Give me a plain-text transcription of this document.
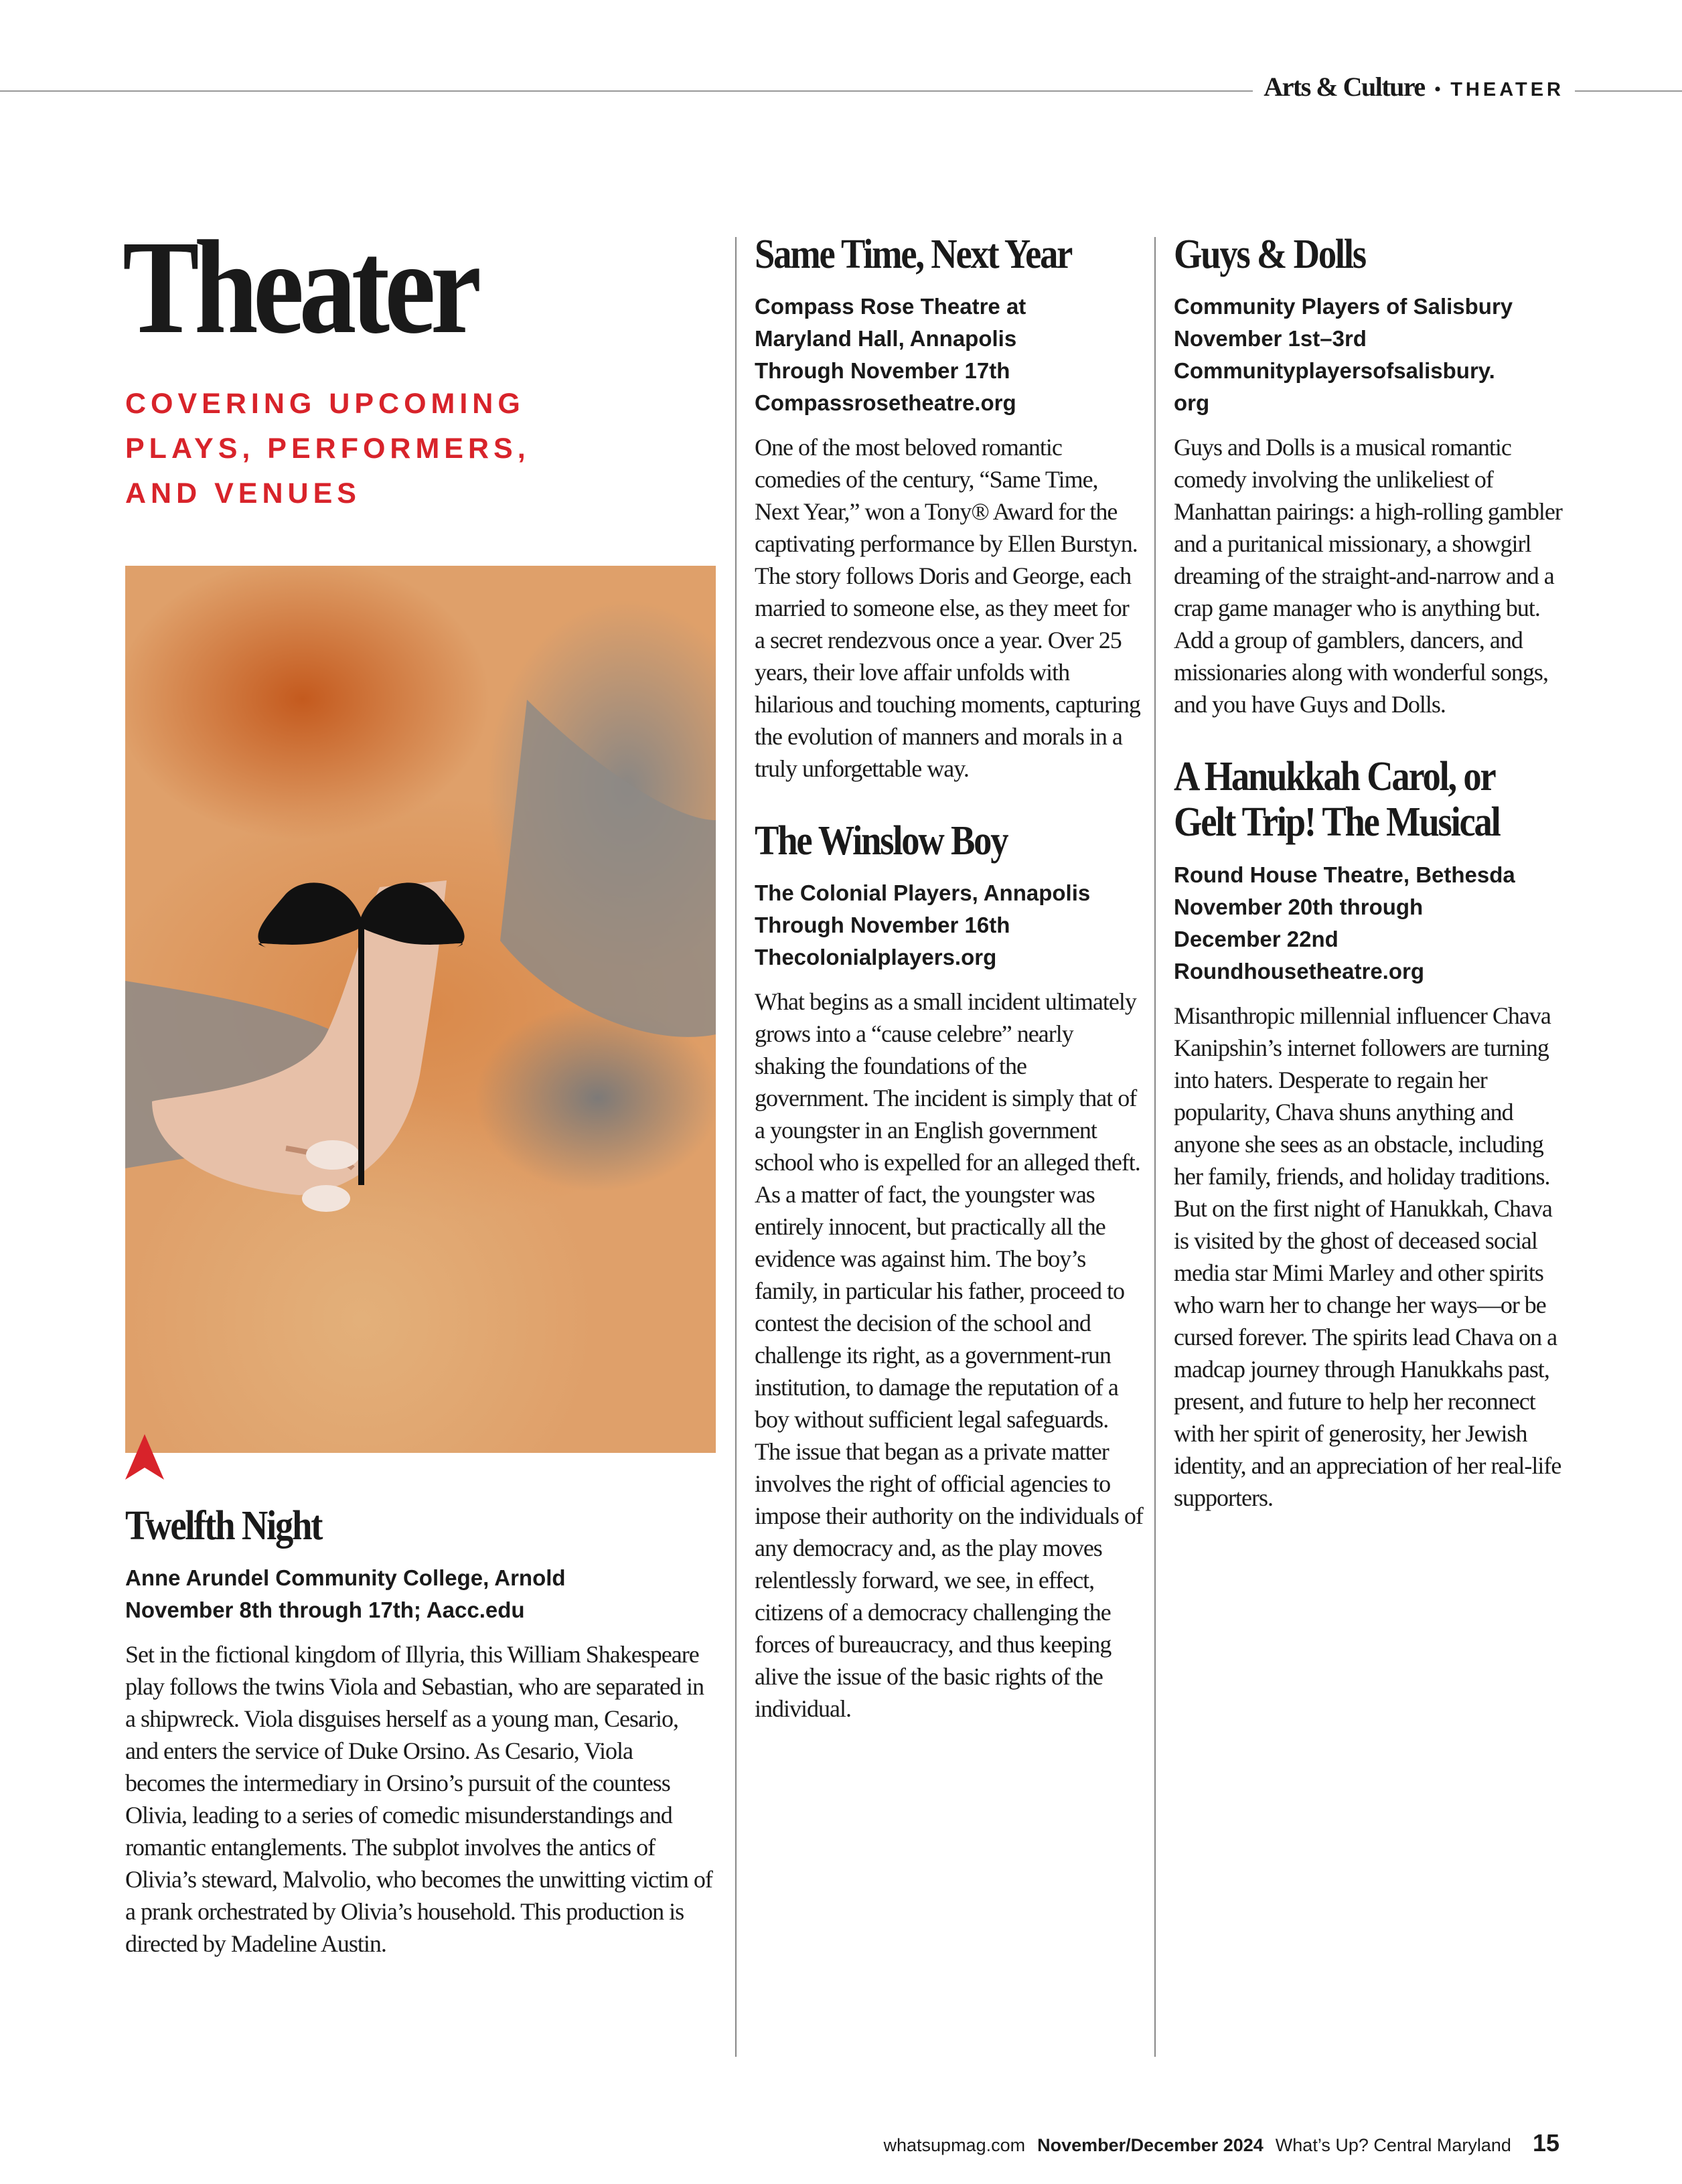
Arts & Culture • THEATER
Theater
COVERING UPCOMING PLAYS, PERFORMERS, AND VENUES
Twelfth Night
Anne Arundel Community College, Arnold
November 8th through 17th; Aacc.edu

Set in the fictional kingdom of Illyria, this William Shakespeare play follows the twins Viola and Sebastian, who are separated in a shipwreck. Viola disguises herself as a young man, Cesario, and enters the service of Duke Orsino. As Cesario, Viola becomes the intermediary in Orsino’s pursuit of the countess Olivia, leading to a series of comedic misunderstandings and romantic entanglements. The subplot involves the antics of Olivia’s steward, Malvolio, who becomes the unwitting victim of a prank orchestrated by Olivia’s household. This production is directed by Madeline Austin.

Same Time, Next Year
Compass Rose Theatre at
Maryland Hall, Annapolis
Through November 17th
Compassrosetheatre.org

One of the most beloved romantic comedies of the century, “Same Time, Next Year,” won a Tony® Award for the captivating performance by Ellen Burstyn. The story follows Doris and George, each married to someone else, as they meet for a secret rendezvous once a year. Over 25 years, their love affair unfolds with hilarious and touching moments, capturing the evolution of manners and morals in a truly unforgettable way.

The Winslow Boy
The Colonial Players, Annapolis
Through November 16th
Thecolonialplayers.org

What begins as a small incident ultimately grows into a “cause celebre” nearly shaking the foundations of the government. The incident is simply that of a youngster in an English government school who is expelled for an alleged theft. As a matter of fact, the youngster was entirely innocent, but practically all the evidence was against him. The boy’s family, in particular his father, proceed to contest the decision of the school and challenge its right, as a government-run institution, to damage the reputation of a boy without sufficient legal safeguards. The issue that began as a private matter involves the right of official agencies to impose their authority on the individuals of any democracy and, as the play moves relentlessly forward, we see, in effect, citizens of a democracy challenging the forces of bureaucracy, and thus keeping alive the issue of the basic rights of the individual.

Guys & Dolls
Community Players of Salisbury
November 1st–3rd
Communityplayersofsalisbury.
org

Guys and Dolls is a musical romantic comedy involving the unlikeliest of Manhattan pairings: a high-rolling gambler and a puritanical missionary, a showgirl dreaming of the straight-and-narrow and a crap game manager who is anything but. Add a group of gamblers, dancers, and missionaries along with wonderful songs, and you have Guys and Dolls.

A Hanukkah Carol, or Gelt Trip! The Musical
Round House Theatre, Bethesda
November 20th through
December 22nd
Roundhousetheatre.org

Misanthropic millennial influencer Chava Kanipshin’s internet followers are turning into haters. Desperate to regain her popularity, Chava shuns anything and anyone she sees as an obstacle, including her family, friends, and holiday traditions. But on the first night of Hanukkah, Chava is visited by the ghost of deceased social media star Mimi Marley and other spirits who warn her to change her ways—or be cursed forever. The spirits lead Chava on a madcap journey through Hanukkahs past, present, and future to help her reconnect with her spirit of generosity, her Jewish identity, and an appreciation of her real-life supporters.

whatsupmag.com November/December 2024 What’s Up? Central Maryland 15
